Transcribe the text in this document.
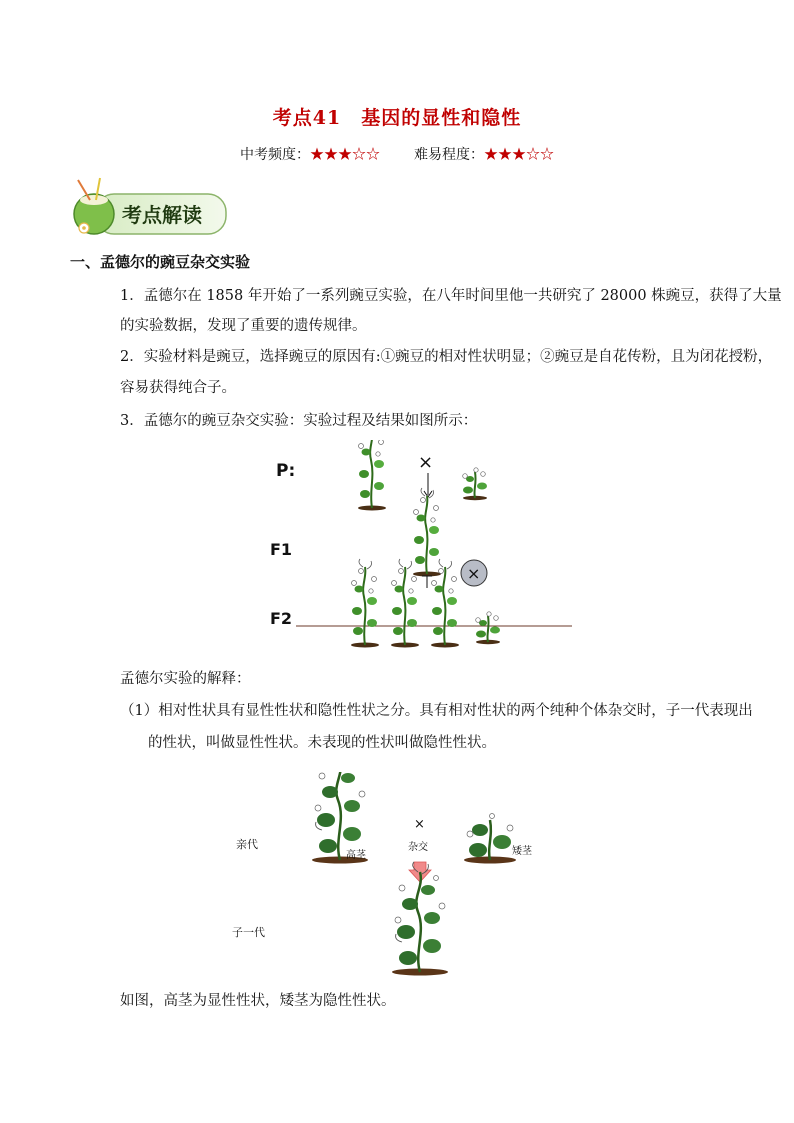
考点41　基因的显性和隐性
中考频度：★★★☆☆ 难易程度：★★★☆☆
考点解读
一、孟德尔的豌豆杂交实验
1．孟德尔在 1858 年开始了一系列豌豆实验，在八年时间里他一共研究了 28000 株豌豆，获得了大量
的实验数据，发现了重要的遗传规律。
2．实验材料是豌豆，选择豌豆的原因有:①豌豆的相对性状明显；②豌豆是自花传粉，且为闭花授粉，
容易获得纯合子。
3．孟德尔的豌豆杂交实验：实验过程及结果如图所示：
P:	×
F1
×
F2
孟德尔实验的解释：
（1）相对性状具有显性性状和隐性性状之分。具有相对性状的两个纯种个体杂交时，子一代表现出
的性状，叫做显性性状。未表现的性状叫做隐性性状。
亲代
高茎
×
杂交	矮茎
子一代
如图，高茎为显性性状，矮茎为隐性性状。
